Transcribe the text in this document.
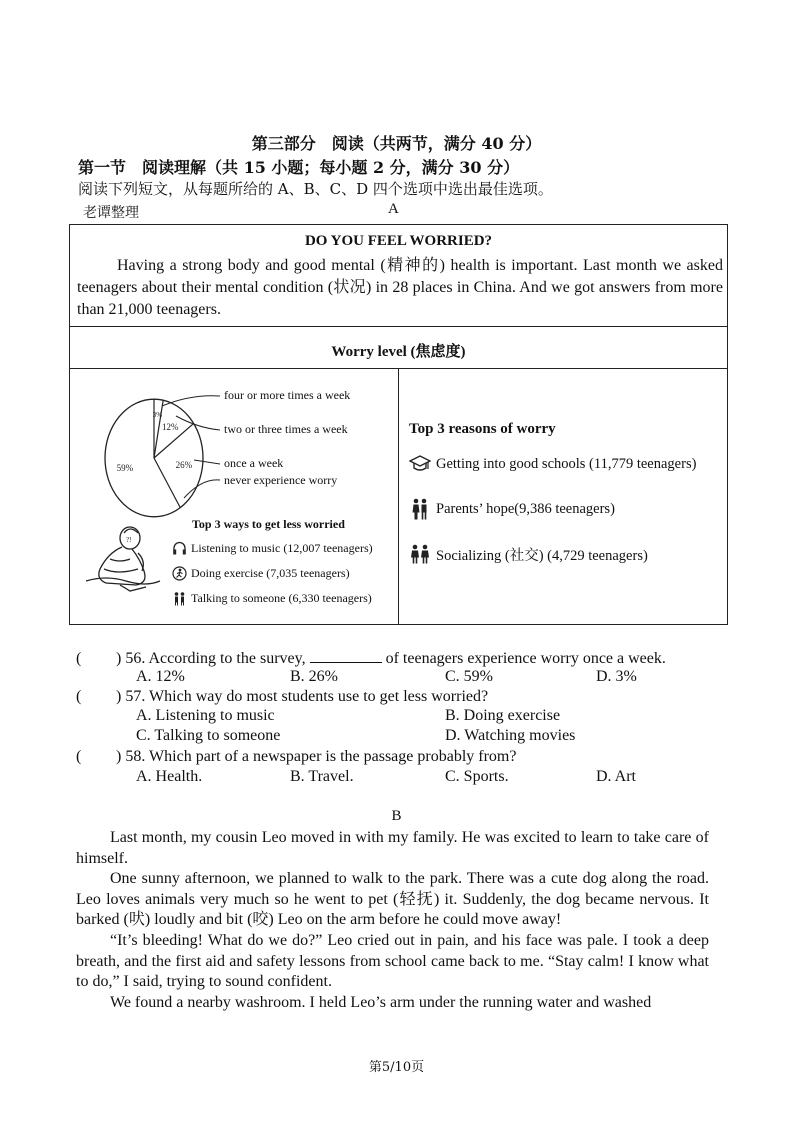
第三部分　阅读（共两节，满分 40 分）
第一节　阅读理解（共 15 小题；每小题 2 分，满分 30 分）
阅读下列短文，从每题所给的 A、B、C、D 四个选项中选出最佳选项。
老谭整理	A
DO YOU FEEL WORRIED?

Having a strong body and good mental (精神的) health is important. Last month we asked teenagers about their mental condition (状况) in 28 places in China. And we got answers from more than 21,000 teenagers.

Worry level (焦虑度)
3%
12%
26%
59%
four or more times a week
two or three times a week
once a week
never experience worry
?!
Top 3 ways to get less worried
Listening to music (12,007 teenagers)
Doing exercise (7,035 teenagers)
Talking to someone (6,330 teenagers)
Top 3 reasons of worry
Getting into good schools (11,779 teenagers)
Parents’ hope(9,386 teenagers)
Socializing (社交) (4,729 teenagers)
( ) 56. According to the survey,	of teenagers experience worry once a week.
A. 12%	B. 26%	C. 59%	D. 3%
( ) 57. Which way do most students use to get less worried?
A. Listening to music	B. Doing exercise
C. Talking to someone	D. Watching movies
( ) 58. Which part of a newspaper is the passage probably from?
A. Health.	B. Travel.	C. Sports.	D. Art
B

Last month, my cousin Leo moved in with my family. He was excited to learn to take care of himself.

One sunny afternoon, we planned to walk to the park. There was a cute dog along the road. Leo loves animals very much so he went to pet (轻抚) it. Suddenly, the dog became nervous. It barked (吠) loudly and bit (咬) Leo on the arm before he could move away!

“It’s bleeding! What do we do?” Leo cried out in pain, and his face was pale. I took a deep breath, and the first aid and safety lessons from school came back to me. “Stay calm! I know what to do,” I said, trying to sound confident.

We found a nearby washroom. I held Leo’s arm under the running water and washed

第5/10页
